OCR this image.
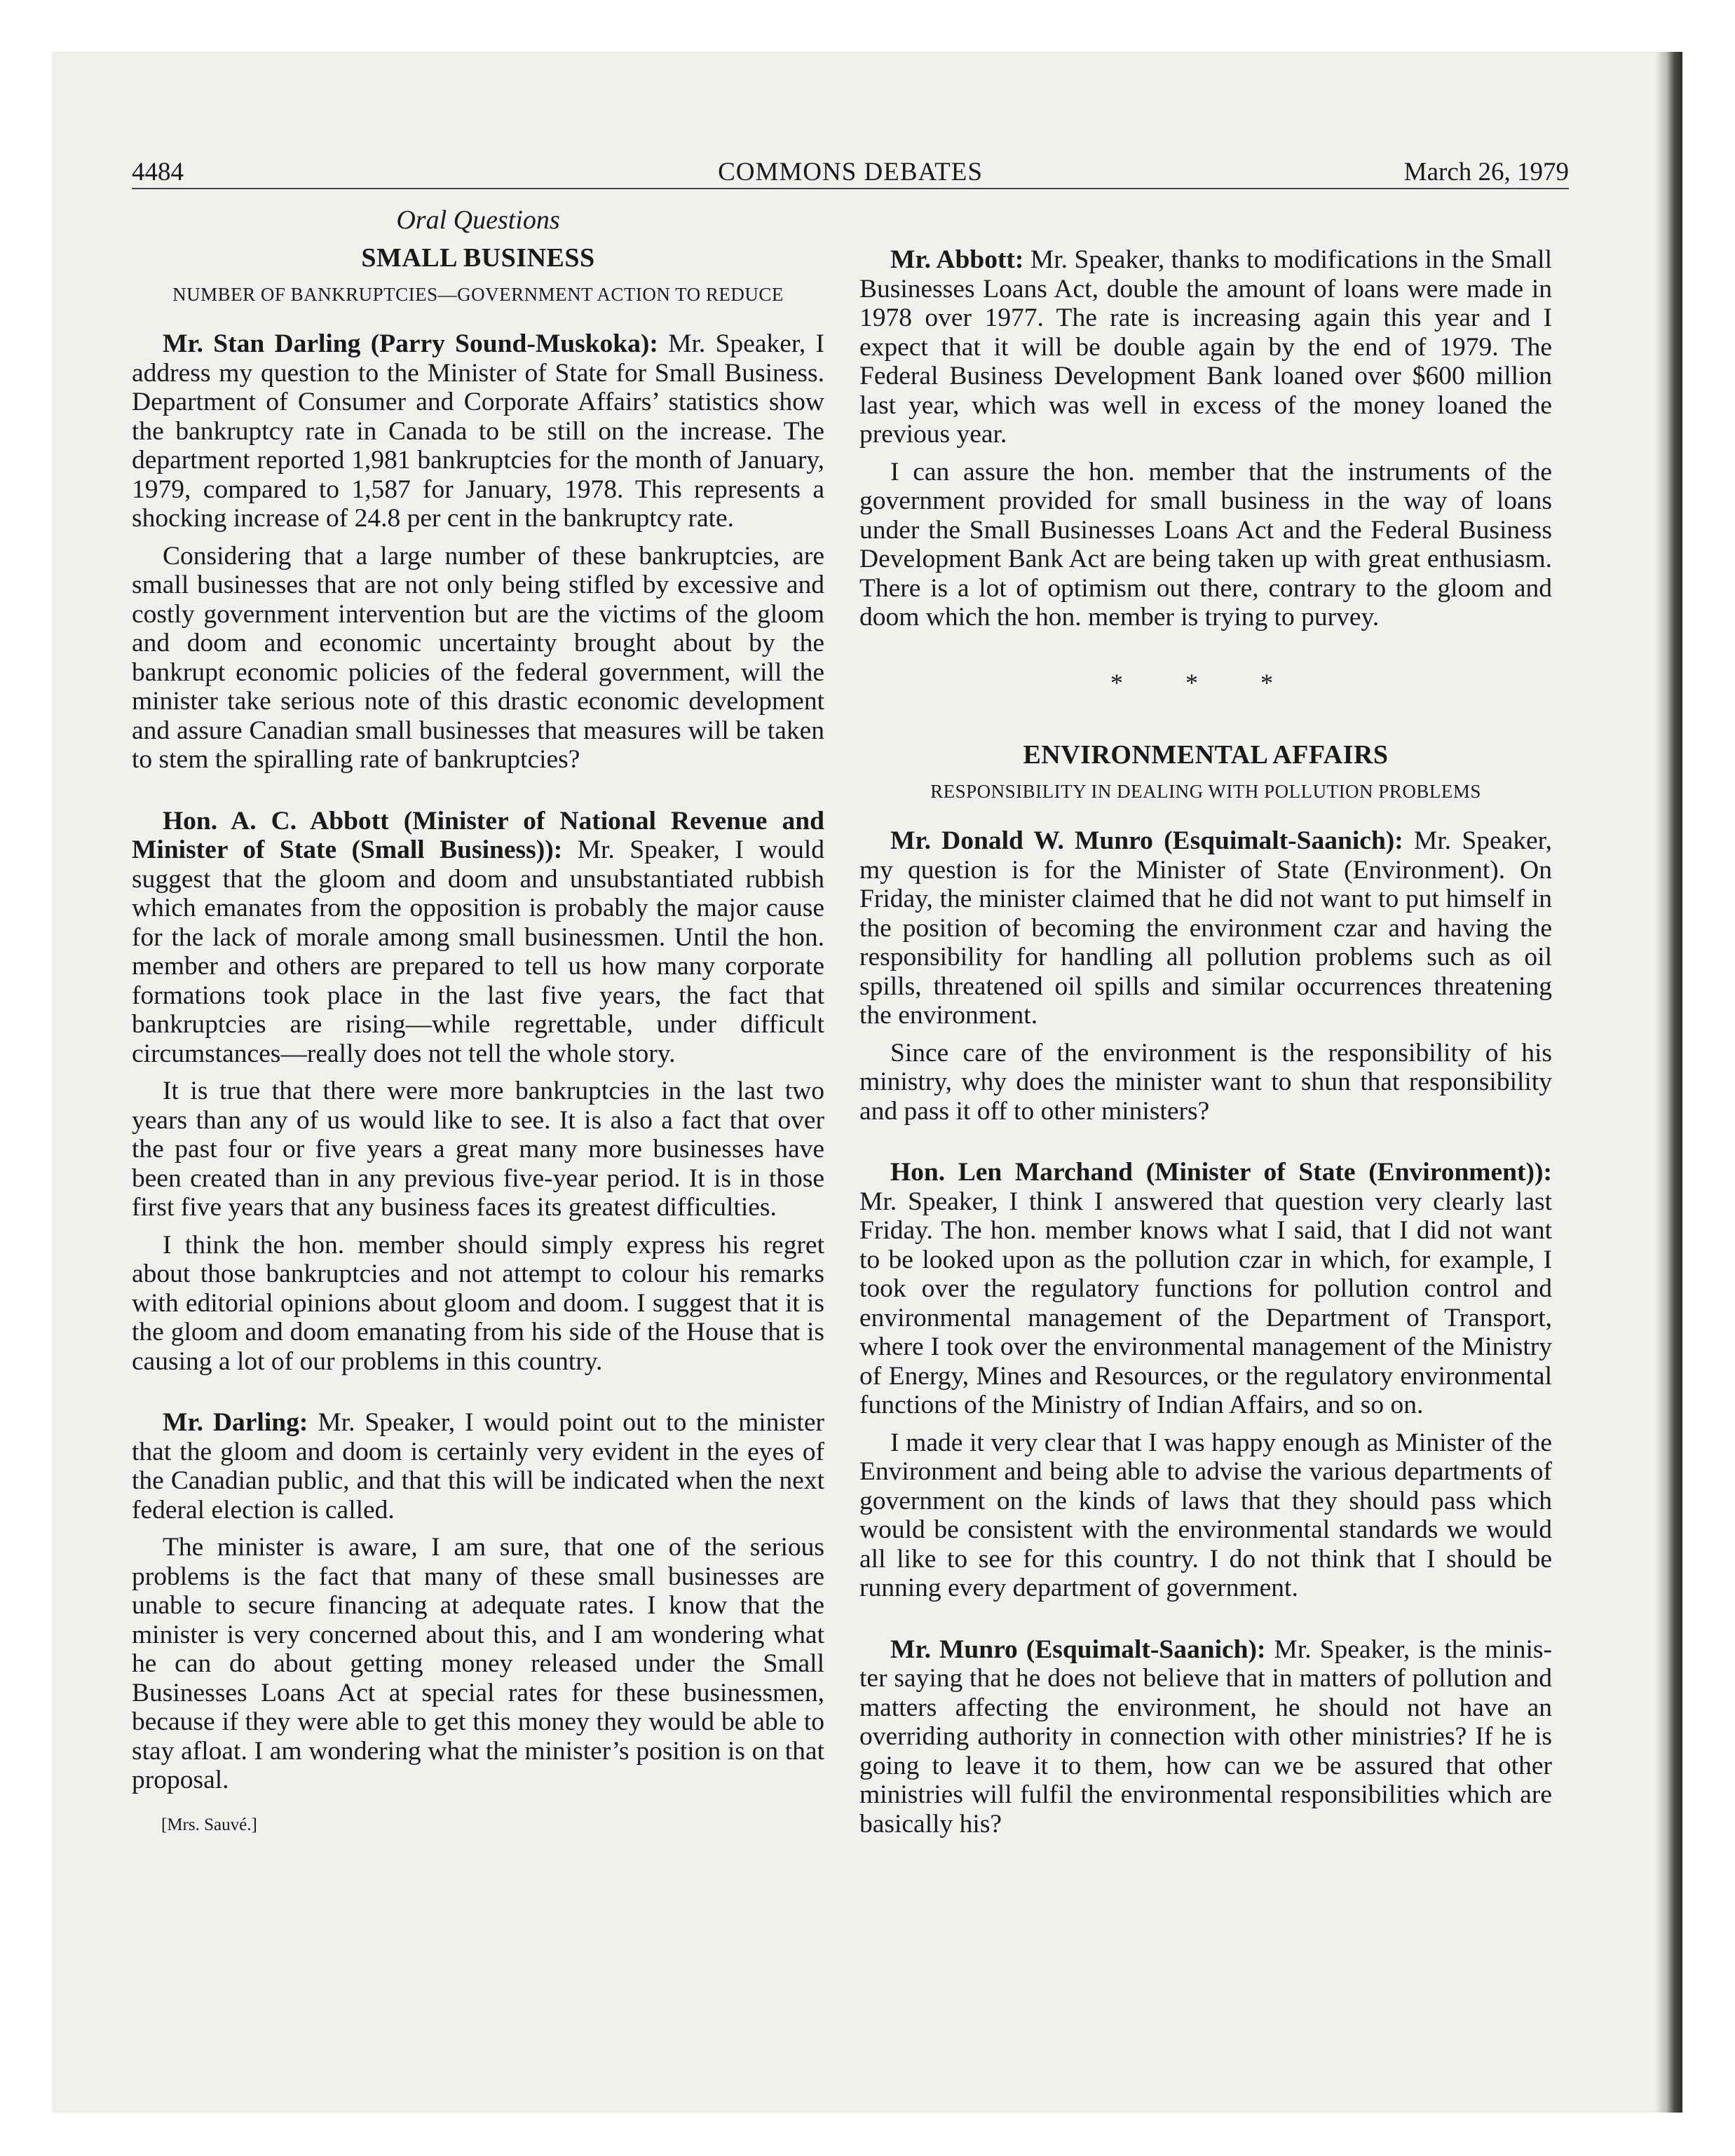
4484	COMMONS DEBATES	March 26, 1979
Oral Questions
SMALL BUSINESS
NUMBER OF BANKRUPTCIES—GOVERNMENT ACTION TO REDUCE

Mr. Stan Darling (Parry Sound-Muskoka): Mr. Speaker, I address my question to the Minister of State for Small Business. Department of Consumer and Corporate Affairs’ statistics show the bankruptcy rate in Canada to be still on the increase. The department reported 1,981 bankruptcies for the month of January, 1979, compared to 1,587 for January, 1978. This represents a shocking increase of 24.8 per cent in the bankruptcy rate.

Considering that a large number of these bankruptcies, are small businesses that are not only being stifled by excessive and costly government intervention but are the victims of the gloom and doom and economic uncertainty brought about by the bankrupt economic policies of the federal government, will the minister take serious note of this drastic economic development and assure Canadian small businesses that measures will be taken to stem the spiralling rate of bankruptcies?

Hon. A. C. Abbott (Minister of National Revenue and Minister of State (Small Business)): Mr. Speaker, I would suggest that the gloom and doom and unsubstantiated rubbish which emanates from the opposition is probably the major cause for the lack of morale among small businessmen. Until the hon. member and others are prepared to tell us how many corporate formations took place in the last five years, the fact that bankruptcies are rising—while regrettable, under difficult circumstances—really does not tell the whole story.

It is true that there were more bankruptcies in the last two years than any of us would like to see. It is also a fact that over the past four or five years a great many more businesses have been created than in any previous five-year period. It is in those first five years that any business faces its greatest difficulties.

I think the hon. member should simply express his regret about those bankruptcies and not attempt to colour his remarks with editorial opinions about gloom and doom. I suggest that it is the gloom and doom emanating from his side of the House that is causing a lot of our problems in this country.

Mr. Darling: Mr. Speaker, I would point out to the minister that the gloom and doom is certainly very evident in the eyes of the Canadian public, and that this will be indicated when the next federal election is called.

The minister is aware, I am sure, that one of the serious problems is the fact that many of these small businesses are unable to secure financing at adequate rates. I know that the minister is very concerned about this, and I am wondering what he can do about getting money released under the Small Businesses Loans Act at special rates for these businessmen, because if they were able to get this money they would be able to stay afloat. I am wondering what the minister’s position is on that proposal.

[Mrs. Sauvé.]

Mr. Abbott: Mr. Speaker, thanks to modifications in the Small Businesses Loans Act, double the amount of loans were made in 1978 over 1977. The rate is increasing again this year and I expect that it will be double again by the end of 1979. The Federal Business Development Bank loaned over $600 million last year, which was well in excess of the money loaned the previous year.

I can assure the hon. member that the instruments of the government provided for small business in the way of loans under the Small Businesses Loans Act and the Federal Business Development Bank Act are being taken up with great enthusiasm. There is a lot of optimism out there, contrary to the gloom and doom which the hon. member is trying to purvey.

* * *
ENVIRONMENTAL AFFAIRS
RESPONSIBILITY IN DEALING WITH POLLUTION PROBLEMS

Mr. Donald W. Munro (Esquimalt-Saanich): Mr. Speaker, my question is for the Minister of State (Environment). On Friday, the minister claimed that he did not want to put himself in the position of becoming the environment czar and having the responsibility for handling all pollution problems such as oil spills, threatened oil spills and similar occurrences threatening the environment.

Since care of the environment is the responsibility of his ministry, why does the minister want to shun that responsibility and pass it off to other ministers?

Hon. Len Marchand (Minister of State (Environment)): Mr. Speaker, I think I answered that question very clearly last Friday. The hon. member knows what I said, that I did not want to be looked upon as the pollution czar in which, for example, I took over the regulatory functions for pollution control and environmental management of the Department of Transport, where I took over the environmental management of the Ministry of Energy, Mines and Resources, or the regulatory environmental functions of the Ministry of Indian Affairs, and so on.

I made it very clear that I was happy enough as Minister of the Environment and being able to advise the various departments of government on the kinds of laws that they should pass which would be consistent with the environmental standards we would all like to see for this country. I do not think that I should be running every department of government.

Mr. Munro (Esquimalt-Saanich): Mr. Speaker, is the minister saying that he does not believe that in matters of pollution and matters affecting the environment, he should not have an overriding authority in connection with other ministries? If he is going to leave it to them, how can we be assured that other ministries will fulfil the environmental responsibilities which are basically his?
